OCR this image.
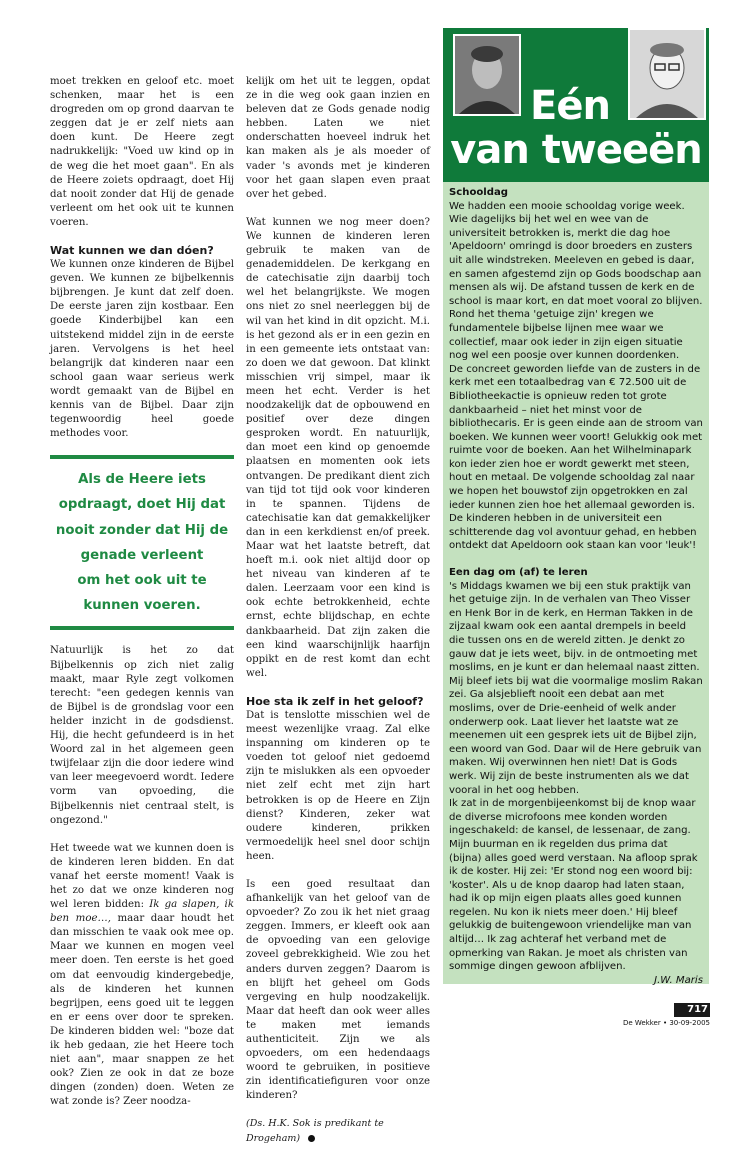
moet trekken en geloof etc. moet schenken, maar het is een drogreden om op grond daarvan te zeggen dat je er zelf niets aan doen kunt. De Heere zegt nadrukkelijk: "Voed uw kind op in de weg die het moet gaan". En als de Heere zoiets opdraagt, doet Hij dat nooit zonder dat Hij de genade verleent om het ook uit te kunnen voeren.

Wat kunnen we dan dóen?

We kunnen onze kinderen de Bijbel geven. We kunnen ze bijbelkennis bijbrengen. Je kunt dat zelf doen. De eerste jaren zijn kostbaar. Een goede Kinderbijbel kan een uitstekend middel zijn in de eerste jaren. Vervolgens is het heel belangrijk dat kinderen naar een school gaan waar serieus werk wordt gemaakt van de Bijbel en kennis van de Bijbel. Daar zijn tegenwoordig heel goede methodes voor.

Als de Heere iets
opdraagt, doet Hij dat
nooit zonder dat Hij de
genade verleent
om het ook uit te
kunnen voeren.

Natuurlijk is het zo dat Bijbelkennis op zich niet zalig maakt, maar Ryle zegt volkomen terecht: "een gedegen kennis van de Bijbel is de grondslag voor een helder inzicht in de godsdienst. Hij, die hecht gefundeerd is in het Woord zal in het algemeen geen twijfelaar zijn die door iedere wind van leer meegevoerd wordt. Iedere vorm van opvoeding, die Bijbelkennis niet centraal stelt, is ongezond."

Het tweede wat we kunnen doen is de kinderen leren bidden. En dat vanaf het eerste moment! Vaak is het zo dat we onze kinderen nog wel leren bidden: Ik ga slapen, ik ben moe…, maar daar houdt het dan misschien te vaak ook mee op. Maar we kunnen en mogen veel meer doen. Ten eerste is het goed om dat eenvoudig kindergebedje, als de kinderen het kunnen begrijpen, eens goed uit te leggen en er eens over door te spreken. De kinderen bidden wel: "boze dat ik heb gedaan, zie het Heere toch niet aan", maar snappen ze het ook? Zien ze ook in dat ze boze dingen (zonden) doen. Weten ze wat zonde is? Zeer noodza-

kelijk om het uit te leggen, opdat ze in die weg ook gaan inzien en beleven dat ze Gods genade nodig hebben. Laten we niet onderschatten hoeveel indruk het kan maken als je als moeder of vader 's avonds met je kinderen voor het gaan slapen even praat over het gebed.

Wat kunnen we nog meer doen? We kunnen de kinderen leren gebruik te maken van de genademiddelen. De kerkgang en de catechisatie zijn daarbij toch wel het belangrijkste. We mogen ons niet zo snel neerleggen bij de wil van het kind in dit opzicht. M.i. is het gezond als er in een gezin en in een gemeente iets ontstaat van: zo doen we dat gewoon. Dat klinkt misschien vrij simpel, maar ik meen het echt. Verder is het noodzakelijk dat de opbouwend en positief over deze dingen gesproken wordt. En natuurlijk, dan moet een kind op genoemde plaatsen en momenten ook iets ontvangen. De predikant dient zich van tijd tot tijd ook voor kinderen in te spannen. Tijdens de catechisatie kan dat gemakkelijker dan in een kerkdienst en/of preek. Maar wat het laatste betreft, dat hoeft m.i. ook niet altijd door op het niveau van kinderen af te dalen. Leerzaam voor een kind is ook echte betrokkenheid, echte ernst, echte blijdschap, en echte dankbaarheid. Dat zijn zaken die een kind waarschijnlijk haarfijn oppikt en de rest komt dan echt wel.

Hoe sta ik zelf in het geloof?

Dat is tenslotte misschien wel de meest wezenlijke vraag. Zal elke inspanning om kinderen op te voeden tot geloof niet gedoemd zijn te mislukken als een opvoeder niet zelf echt met zijn hart betrokken is op de Heere en Zijn dienst? Kinderen, zeker wat oudere kinderen, prikken vermoedelijk heel snel door schijn heen.

Is een goed resultaat dan afhankelijk van het geloof van de opvoeder? Zo zou ik het niet graag zeggen. Immers, er kleeft ook aan de opvoeding van een gelovige zoveel gebrekkigheid. Wie zou het anders durven zeggen? Daarom is en blijft het geheel om Gods vergeving en hulp noodzakelijk. Maar dat heeft dan ook weer alles te maken met iemands authenticiteit. Zijn we als opvoeders, om een hedendaags woord te gebruiken, in positieve zin identificatiefiguren voor onze kinderen?

(Ds. H.K. Sok is predikant te Drogeham)

Eén
van tweeën
Schooldag

We hadden een mooie schooldag vorige week. Wie dagelijks bij het wel en wee van de universiteit betrokken is, merkt die dag hoe 'Apeldoorn' omringd is door broeders en zusters uit alle windstreken. Meeleven en gebed is daar, en samen afgestemd zijn op Gods boodschap aan mensen als wij. De afstand tussen de kerk en de school is maar kort, en dat moet vooral zo blijven. Rond het thema 'getuige zijn' kregen we fundamentele bijbelse lijnen mee waar we collectief, maar ook ieder in zijn eigen situatie nog wel een poosje over kunnen doordenken.

De concreet geworden liefde van de zusters in de kerk met een totaalbedrag van € 72.500 uit de Bibliotheekactie is opnieuw reden tot grote dankbaarheid – niet het minst voor de bibliothecaris. Er is geen einde aan de stroom van boeken. We kunnen weer voort! Gelukkig ook met ruimte voor de boeken. Aan het Wilhelminapark kon ieder zien hoe er wordt gewerkt met steen, hout en metaal. De volgende schooldag zal naar we hopen het bouwstof zijn opgetrokken en zal ieder kunnen zien hoe het allemaal geworden is.

De kinderen hebben in de universiteit een schitterende dag vol avontuur gehad, en hebben ontdekt dat Apeldoorn ook staan kan voor 'leuk'!

Een dag om (af) te leren

's Middags kwamen we bij een stuk praktijk van het getuige zijn. In de verhalen van Theo Visser en Henk Bor in de kerk, en Herman Takken in de zijzaal kwam ook een aantal drempels in beeld die tussen ons en de wereld zitten. Je denkt zo gauw dat je iets weet, bijv. in de ontmoeting met moslims, en je kunt er dan helemaal naast zitten. Mij bleef iets bij wat die voormalige moslim Rakan zei. Ga alsjeblieft nooit een debat aan met moslims, over de Drie-eenheid of welk ander onderwerp ook. Laat liever het laatste wat ze meenemen uit een gesprek iets uit de Bijbel zijn, een woord van God. Daar wil de Here gebruik van maken. Wij overwinnen hen niet! Dat is Gods werk. Wij zijn de beste instrumenten als we dat vooral in het oog hebben.

Ik zat in de morgenbijeenkomst bij de knop waar de diverse microfoons mee konden worden ingeschakeld: de kansel, de lessenaar, de zang. Mijn buurman en ik regelden dus prima dat (bijna) alles goed werd verstaan. Na afloop sprak ik de koster. Hij zei: 'Er stond nog een woord bij: 'koster'. Als u de knop daarop had laten staan, had ik op mijn eigen plaats alles goed kunnen regelen. Nu kon ik niets meer doen.' Hij bleef gelukkig de buitengewoon vriendelijke man van altijd… Ik zag achteraf het verband met de opmerking van Rakan. Je moet als christen van sommige dingen gewoon afblijven.

J.W. Maris

717
De Wekker • 30-09-2005
